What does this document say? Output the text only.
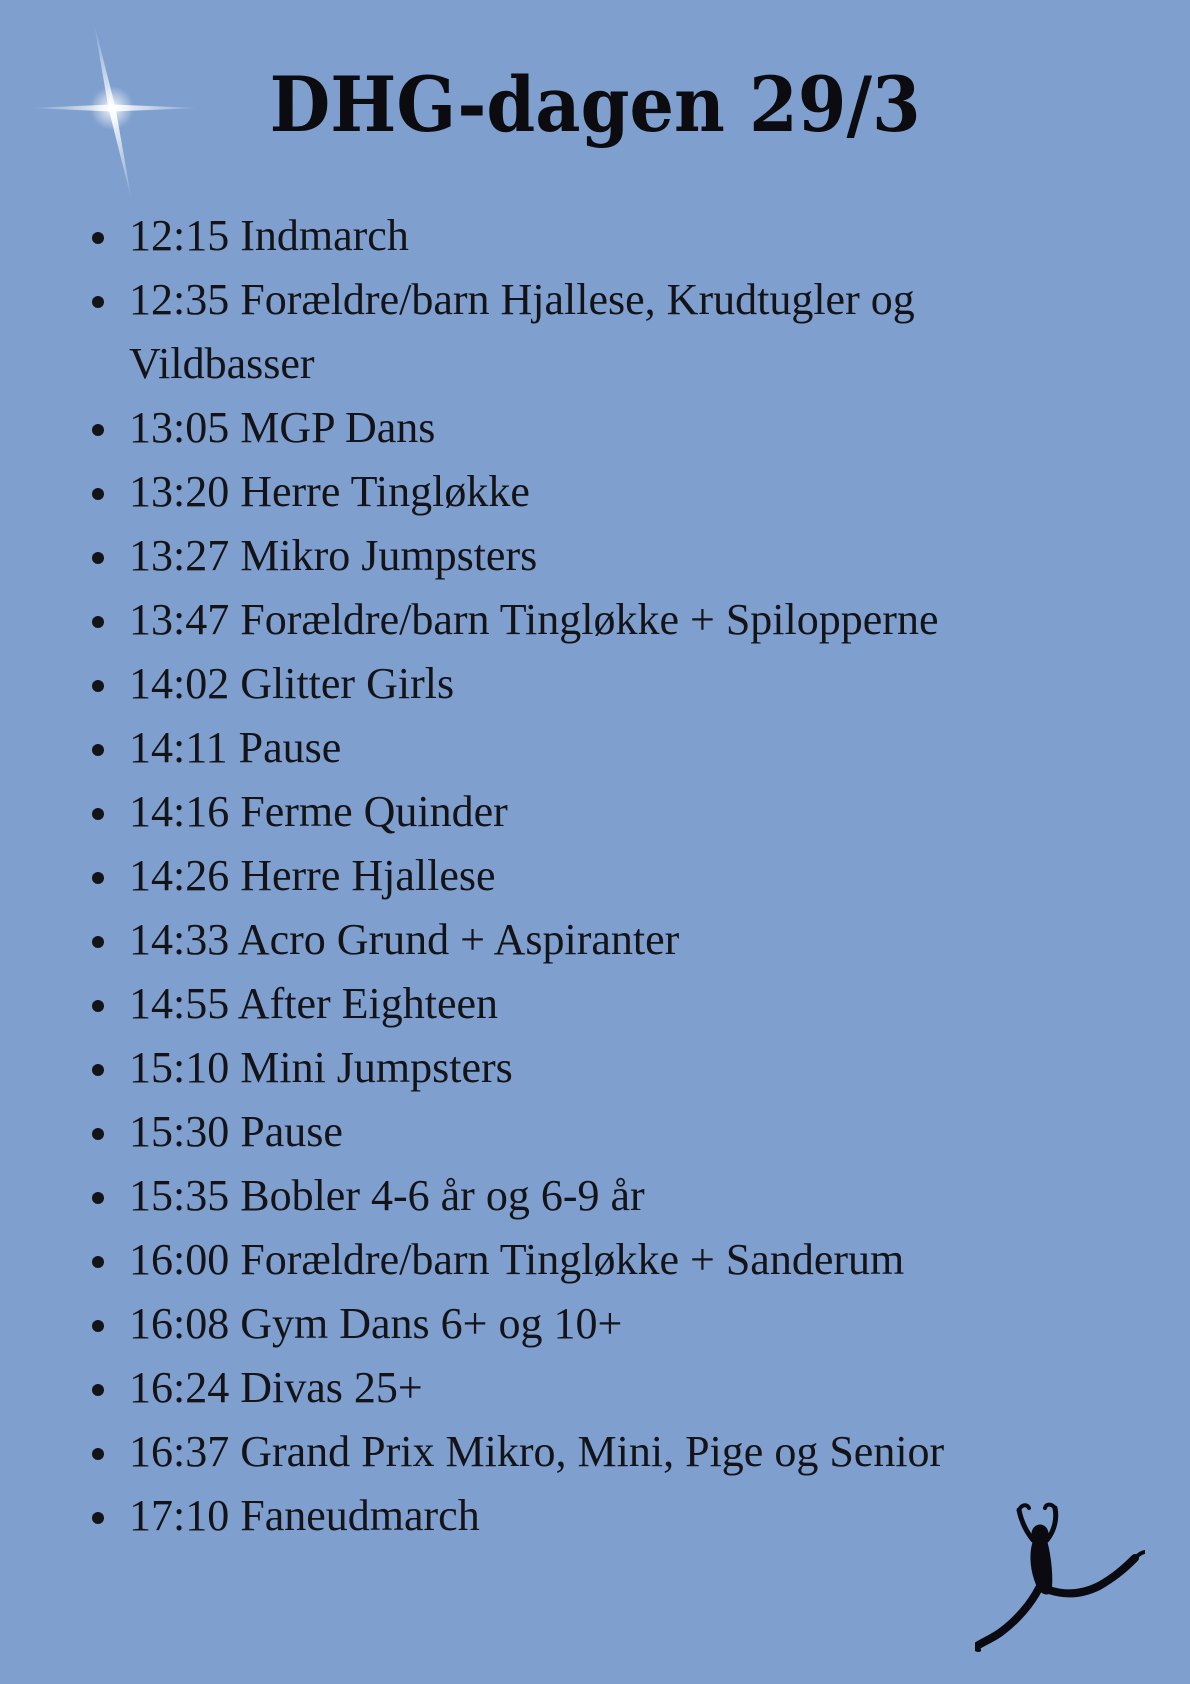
DHG-dagen 29/3
12:15 Indmarch
12:35 Forældre/barn Hjallese, Krudtugler og Vildbasser
13:05 MGP Dans
13:20 Herre Tingløkke
13:27 Mikro Jumpsters
13:47 Forældre/barn Tingløkke + Spilopperne
14:02 Glitter Girls
14:11 Pause
14:16 Ferme Quinder
14:26 Herre Hjallese
14:33 Acro Grund + Aspiranter
14:55 After Eighteen
15:10 Mini Jumpsters
15:30 Pause
15:35 Bobler 4-6 år og 6-9 år
16:00 Forældre/barn Tingløkke + Sanderum
16:08 Gym Dans 6+ og 10+
16:24 Divas 25+
16:37 Grand Prix Mikro, Mini, Pige og Senior
17:10 Faneudmarch
